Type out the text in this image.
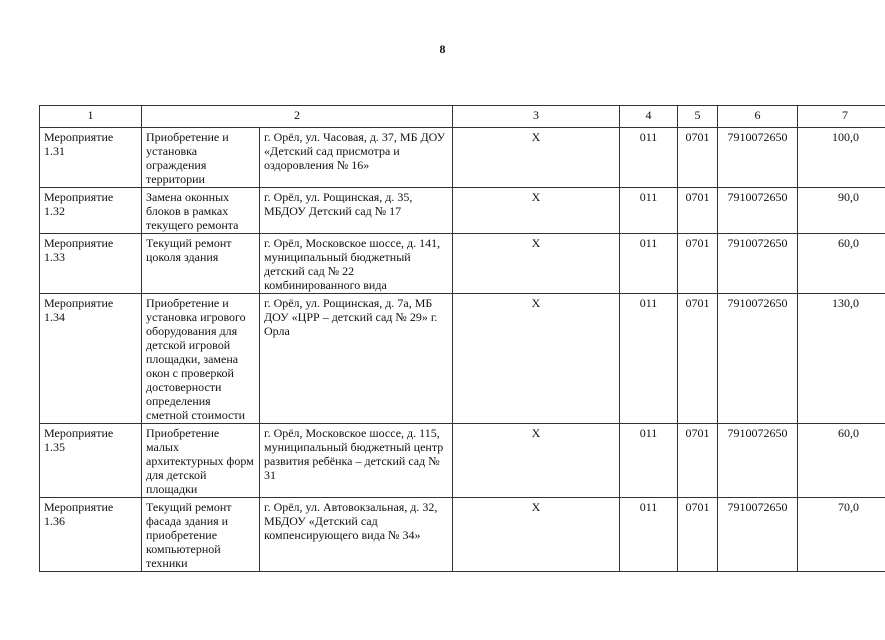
8
1	2		3	4	5	6	7
Мероприятие 1.31	Приобретение и установка ограждения территории	г. Орёл, ул. Часовая, д. 37, МБ ДОУ «Детский сад присмотра и оздоровления № 16»	Х	011	0701	7910072650	100,0
Мероприятие 1.32	Замена оконных блоков в рамках текущего ремонта	г. Орёл, ул. Рощинская, д. 35, МБДОУ Детский сад № 17	Х	011	0701	7910072650	90,0
Мероприятие 1.33	Текущий ремонт цоколя здания	г. Орёл, Московское шоссе, д. 141, муниципальный бюджетный детский сад № 22 комбинированного вида	Х	011	0701	7910072650	60,0
Мероприятие 1.34	Приобретение и установка игрового оборудования для детской игровой площадки, замена окон с проверкой достоверности определения сметной стоимости	г. Орёл, ул. Рощинская, д. 7а, МБ ДОУ «ЦРР – детский сад № 29» г. Орла	Х	011	0701	7910072650	130,0
Мероприятие 1.35	Приобретение малых архитектурных форм для детской площадки	г. Орёл, Московское шоссе, д. 115, муниципальный бюджетный центр развития ребёнка – детский сад № 31	Х	011	0701	7910072650	60,0
Мероприятие 1.36	Текущий ремонт фасада здания и приобретение компьютерной техники	г. Орёл, ул. Автовокзальная, д. 32, МБДОУ «Детский сад компенсирующего вида № 34»	Х	011	0701	7910072650	70,0
